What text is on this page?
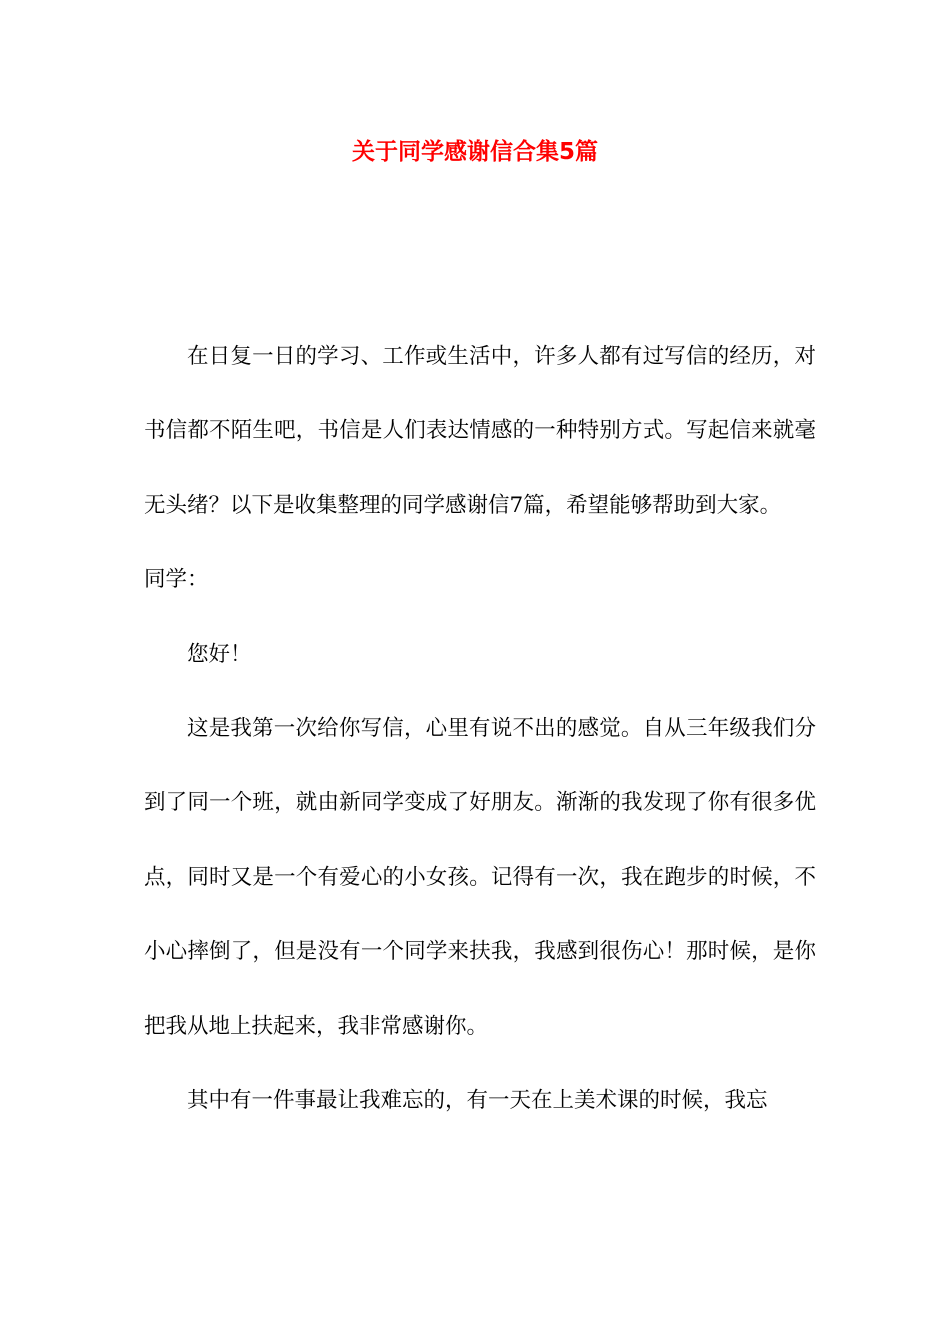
关于同学感谢信合集5篇

在日复一日的学习、工作或生活中，许多人都有过写信的经历，对书信都不陌生吧，书信是人们表达情感的一种特别方式。写起信来就毫无头绪？以下是收集整理的同学感谢信7篇，希望能够帮助到大家。

同学：

您好！

这是我第一次给你写信，心里有说不出的感觉。自从三年级我们分到了同一个班，就由新同学变成了好朋友。渐渐的我发现了你有很多优点，同时又是一个有爱心的小女孩。记得有一次，我在跑步的时候，不小心摔倒了，但是没有一个同学来扶我，我感到很伤心！那时候，是你把我从地上扶起来，我非常感谢你。

其中有一件事最让我难忘的，有一天在上美术课的时候，我忘
